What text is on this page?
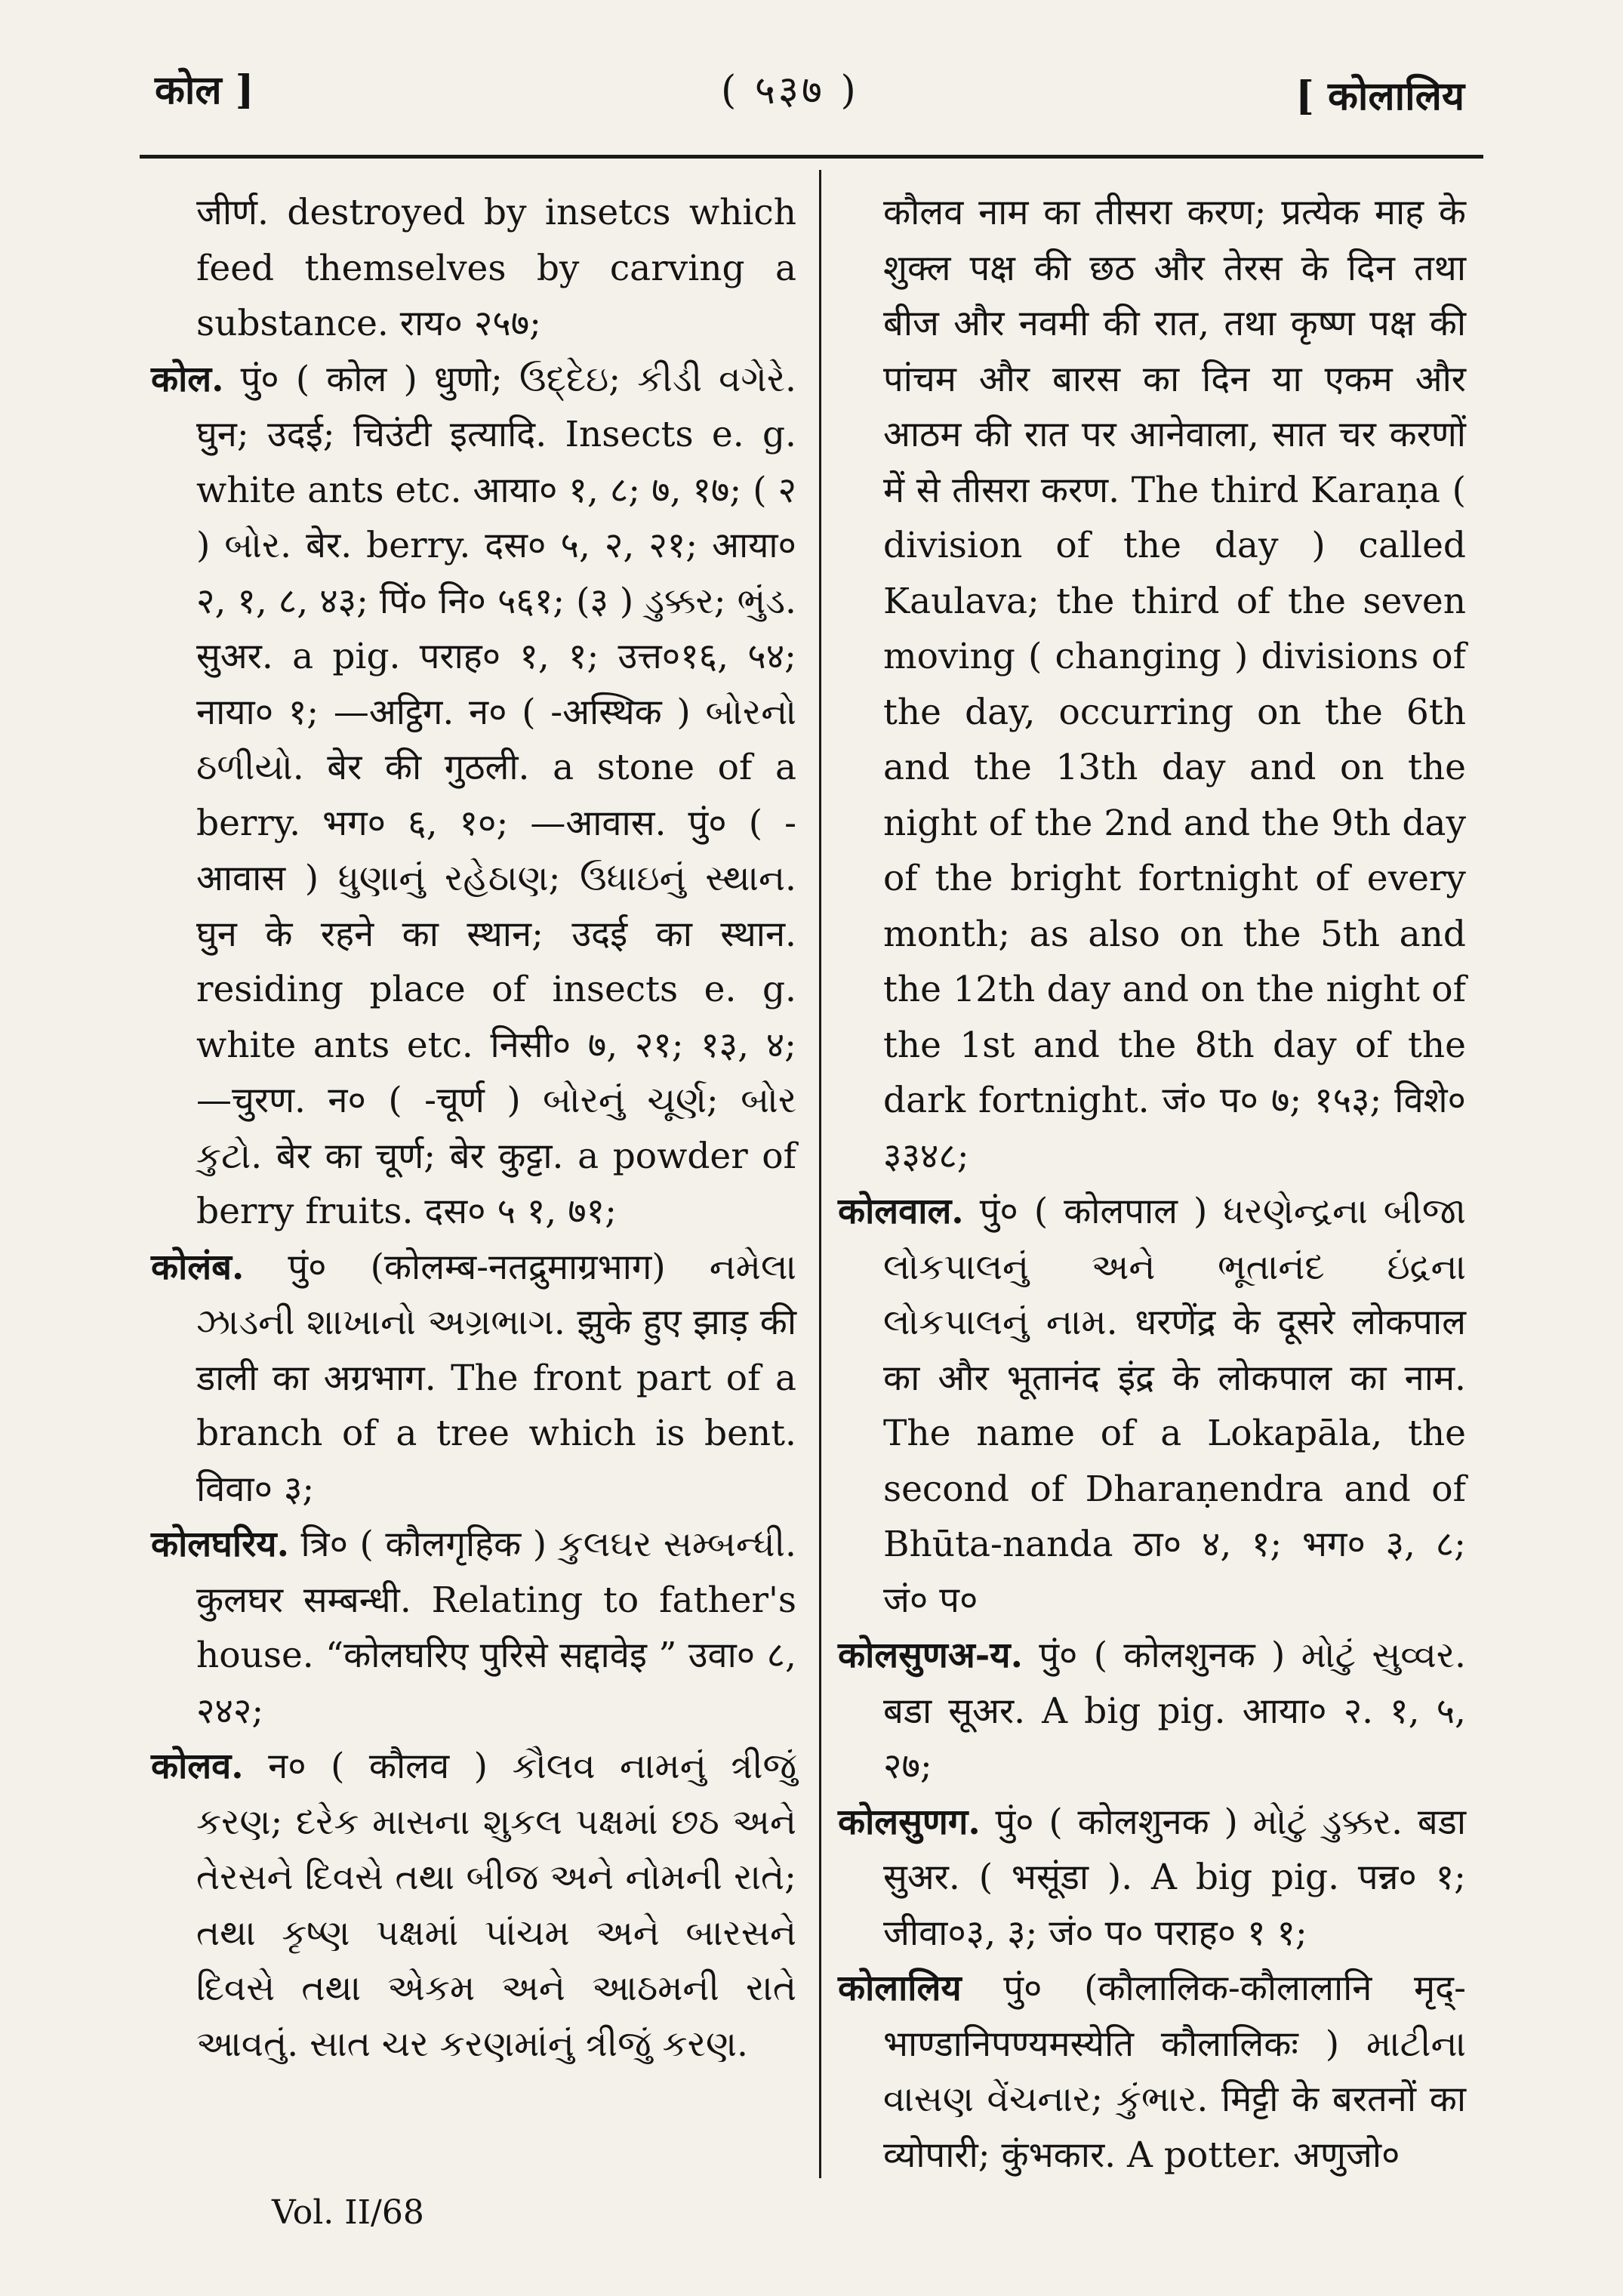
कोल ]	( ५३७ )	[ कोलालिय

जीर्ण. destroyed by insetcs which feed themselves by carving a substance. राय० २५७;

कोल. पुं० ( कोल ) धुणो; ઉદ્દેઇ; કીડી વગેરે. घुन; उदई; चिउंटी इत्यादि. Insects e. g. white ants etc. आया० १, ८; ७, १७; ( २ ) બોર. बेर. berry. दस० ५, २, २१; आया० २, १, ८, ४३; पिं० नि० ५६१; (३ ) ડુક્કર; ભુંડ. सुअर. a pig. पराह० १, १; उत्त०१६, ५४; नाया० १; —अट्ठिग. न० ( -अस्थिक ) બોરનો ઠળીયો. बेर की गुठली. a stone of a berry. भग० ६, १०; —आवास. पुं० ( -आवास ) ધુણાનું રહેઠાણ; ઉધાઇનું સ્થાન. घुन के रहने का स्थान; उदई का स्थान. residing place of insects e. g. white ants etc. निसी० ७, २१; १३, ४; —चुरण. न० ( -चूर्ण ) બોરનું ચૂર્ણ; બોર કુટો. बेर का चूर्ण; बेर कुट्टा. a powder of berry fruits. दस० ५ १, ७१;

कोलंब. पुं० (कोलम्ब-नतद्रुमाग्रभाग) નમેલા ઝાડની શાખાનો અગ્રભાગ. झुके हुए झाड़ की डाली का अग्रभाग. The front part of a branch of a tree which is bent. विवा० ३;

कोलघरिय. त्रि० ( कौलगृहिक ) કુલઘર સમ્બન્ધી. कुलघर सम्बन्धी. Relating to father's house. “कोलघरिए पुरिसे सद्दावेइ ” उवा० ८, २४२;

कोलव. न० ( कौलव ) કૌલવ નામનું ત્રીજું કરણ; દરેક માસના શુકલ પક્ષમાં છઠ અને તેરસને દિવસે તથા બીજ અને નોમની રાતે; તથા કૃષ્ણ પક્ષમાં પાંચમ અને બારસને દિવસે તથા એકમ અને આઠમની રાતે આવતું. સાત ચર કરણમાંનું ત્રીજું કરણ.

कौलव नाम का तीसरा करण; प्रत्येक माह के शुक्ल पक्ष की छठ और तेरस के दिन तथा बीज और नवमी की रात, तथा कृष्ण पक्ष की पांचम और बारस का दिन या एकम और आठम की रात पर आनेवाला, सात चर करणों में से तीसरा करण. The third Karaṇa ( division of the day ) called Kaulava; the third of the seven moving ( changing ) divisions of thе day, occurring on the 6th and the 13th day and on the night of the 2nd and the 9th day of the bright fortnight of every month; as also on the 5th and the 12th day and on the night of the 1st and the 8th day of the dark fortnight. जं० प० ७; १५३; विशे० ३३४८;

कोलवाल. पुं० ( कोलपाल ) ધરણેન્દ્રના બીજા લોકપાલનું અને ભૂતાનંદ ઇંદ્રના લોકપાલનું નામ. धरणेंद्र के दूसरे लोकपाल का और भूतानंद इंद्र के लोकपाल का नाम. The name of a Lokapāla, the second of Dharaṇendra and of Bhūta-nanda ठा० ४, १; भग० ३, ८; जं० प०

कोलसुणअ-य. पुं० ( कोलशुनक ) મોટું સુવ્વર. बडा सूअर. A big pig. आया० २. १, ५, २७;

कोलसुणग. पुं० ( कोलशुनक ) મોટું ડુક્કર. बडा सुअर. ( भसूंडा ). A big pig. पन्न० १; जीवा०३, ३; जं० प० पराह० १ १;

कोलालिय पुं० (कौलालिक-कौलालानि मृद्-भाण्डानिपण्यमस्येति कौलालिकः ) માટીના વાસણ વેંચનાર; કુંભાર. मिट्टी के बरतनों का व्योपारी; कुंभकार. A potter. अणुजो०

Vol. II/68
